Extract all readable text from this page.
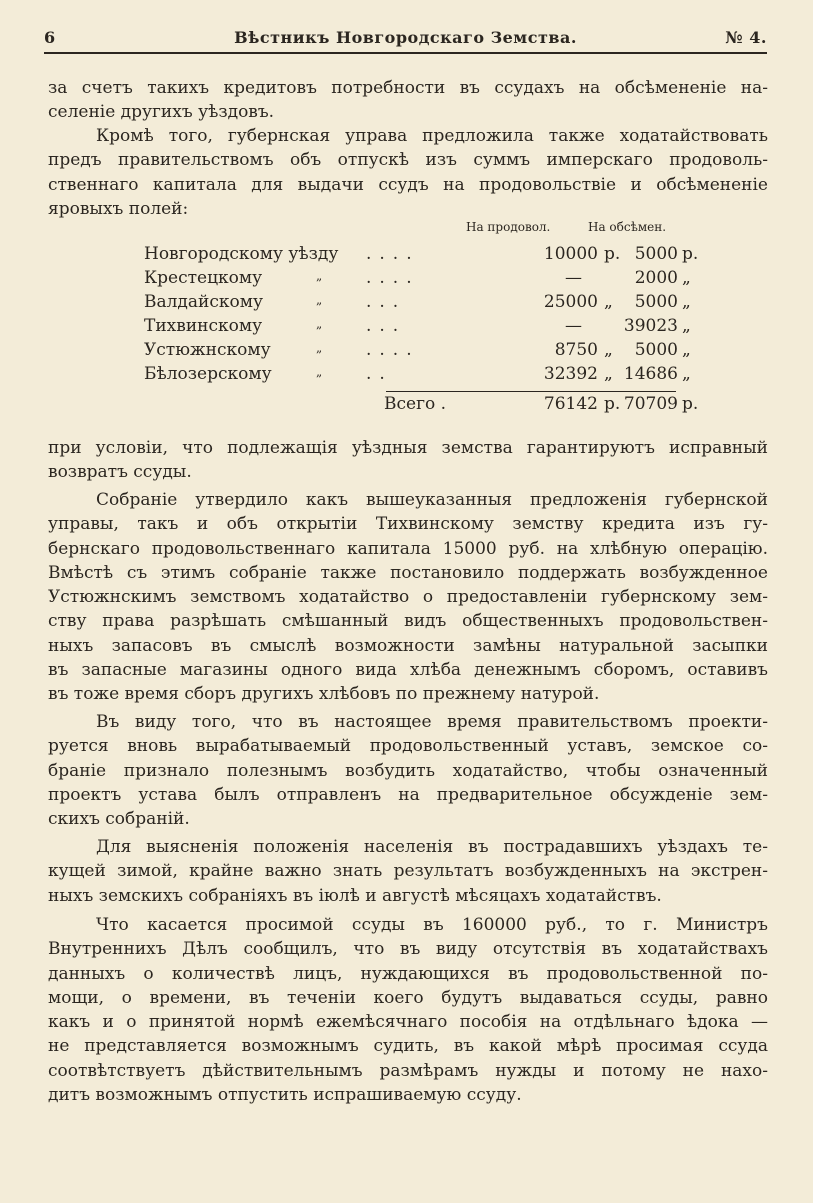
6	Вѣстникъ Новгородскаго Земства.	№ 4.
за счетъ такихъ кредитовъ потребности въ ссудахъ на обсѣмененіе на-
селеніе другихъ уѣздовъ.
Кромѣ того, губернская управа предложила также ходатайствовать
предъ правительствомъ объ отпускѣ изъ суммъ имперскаго продоволь-
ственнаго капитала для выдачи ссудъ на продовольствіе и обсѣмененіе
яровыхъ полей:
На продовол.	На обсѣмен.
Новгородскому уѣзду ....	10000 р. 5000 р.
Крестецкому	„	....	—	2000 „
Валдайскому	„	...	25000 „ 5000 „
Тихвинскому	„	...	— 39023 „
Устюжнскому	„	....	8750 „ 5000 „
Бѣлозерскому	„	..	32392 „ 14686 „
Всего .	76142 р. 70709 р.
при условіи, что подлежащія уѣздныя земства гарантируютъ исправный
возвратъ ссуды.
Собраніе утвердило какъ вышеуказанныя предложенія губернской
управы, такъ и объ открытіи Тихвинскому земству кредита изъ гу-
бернскаго продовольственнаго капитала 15000 руб. на хлѣбную операцію.
Вмѣстѣ съ этимъ собраніе также постановило поддержать возбужденное
Устюжнскимъ земствомъ ходатайство о предоставленіи губернскому зем-
ству права разрѣшать смѣшанный видъ общественныхъ продовольствен-
ныхъ запасовъ въ смыслѣ возможности замѣны натуральной засыпки
въ запасные магазины одного вида хлѣба денежнымъ сборомъ, оставивъ
въ тоже время сборъ другихъ хлѣбовъ по прежнему натурой.
Въ виду того, что въ настоящее время правительствомъ проекти-
руется вновь вырабатываемый продовольственный уставъ, земское со-
браніе признало полезнымъ возбудить ходатайство, чтобы означенный
проектъ устава былъ отправленъ на предварительное обсужденіе зем-
скихъ собраній.
Для выясненія положенія населенія въ пострадавшихъ уѣздахъ те-
кущей зимой, крайне важно знать результатъ возбужденныхъ на экстрен-
ныхъ земскихъ собраніяхъ въ іюлѣ и августѣ мѣсяцахъ ходатайствъ.
Что касается просимой ссуды въ 160000 руб., то г. Министръ
Внутреннихъ Дѣлъ сообщилъ, что въ виду отсутствія въ ходатайствахъ
данныхъ о количествѣ лицъ, нуждающихся въ продовольственной по-
мощи, о времени, въ теченіи коего будутъ выдаваться ссуды, равно
какъ и о принятой нормѣ ежемѣсячнаго пособія на отдѣльнаго ѣдока —
не представляется возможнымъ судить, въ какой мѣрѣ просимая ссуда
соотвѣтствуетъ дѣйствительнымъ размѣрамъ нужды и потому не нахо-
дитъ возможнымъ отпустить испрашиваемую ссуду.
